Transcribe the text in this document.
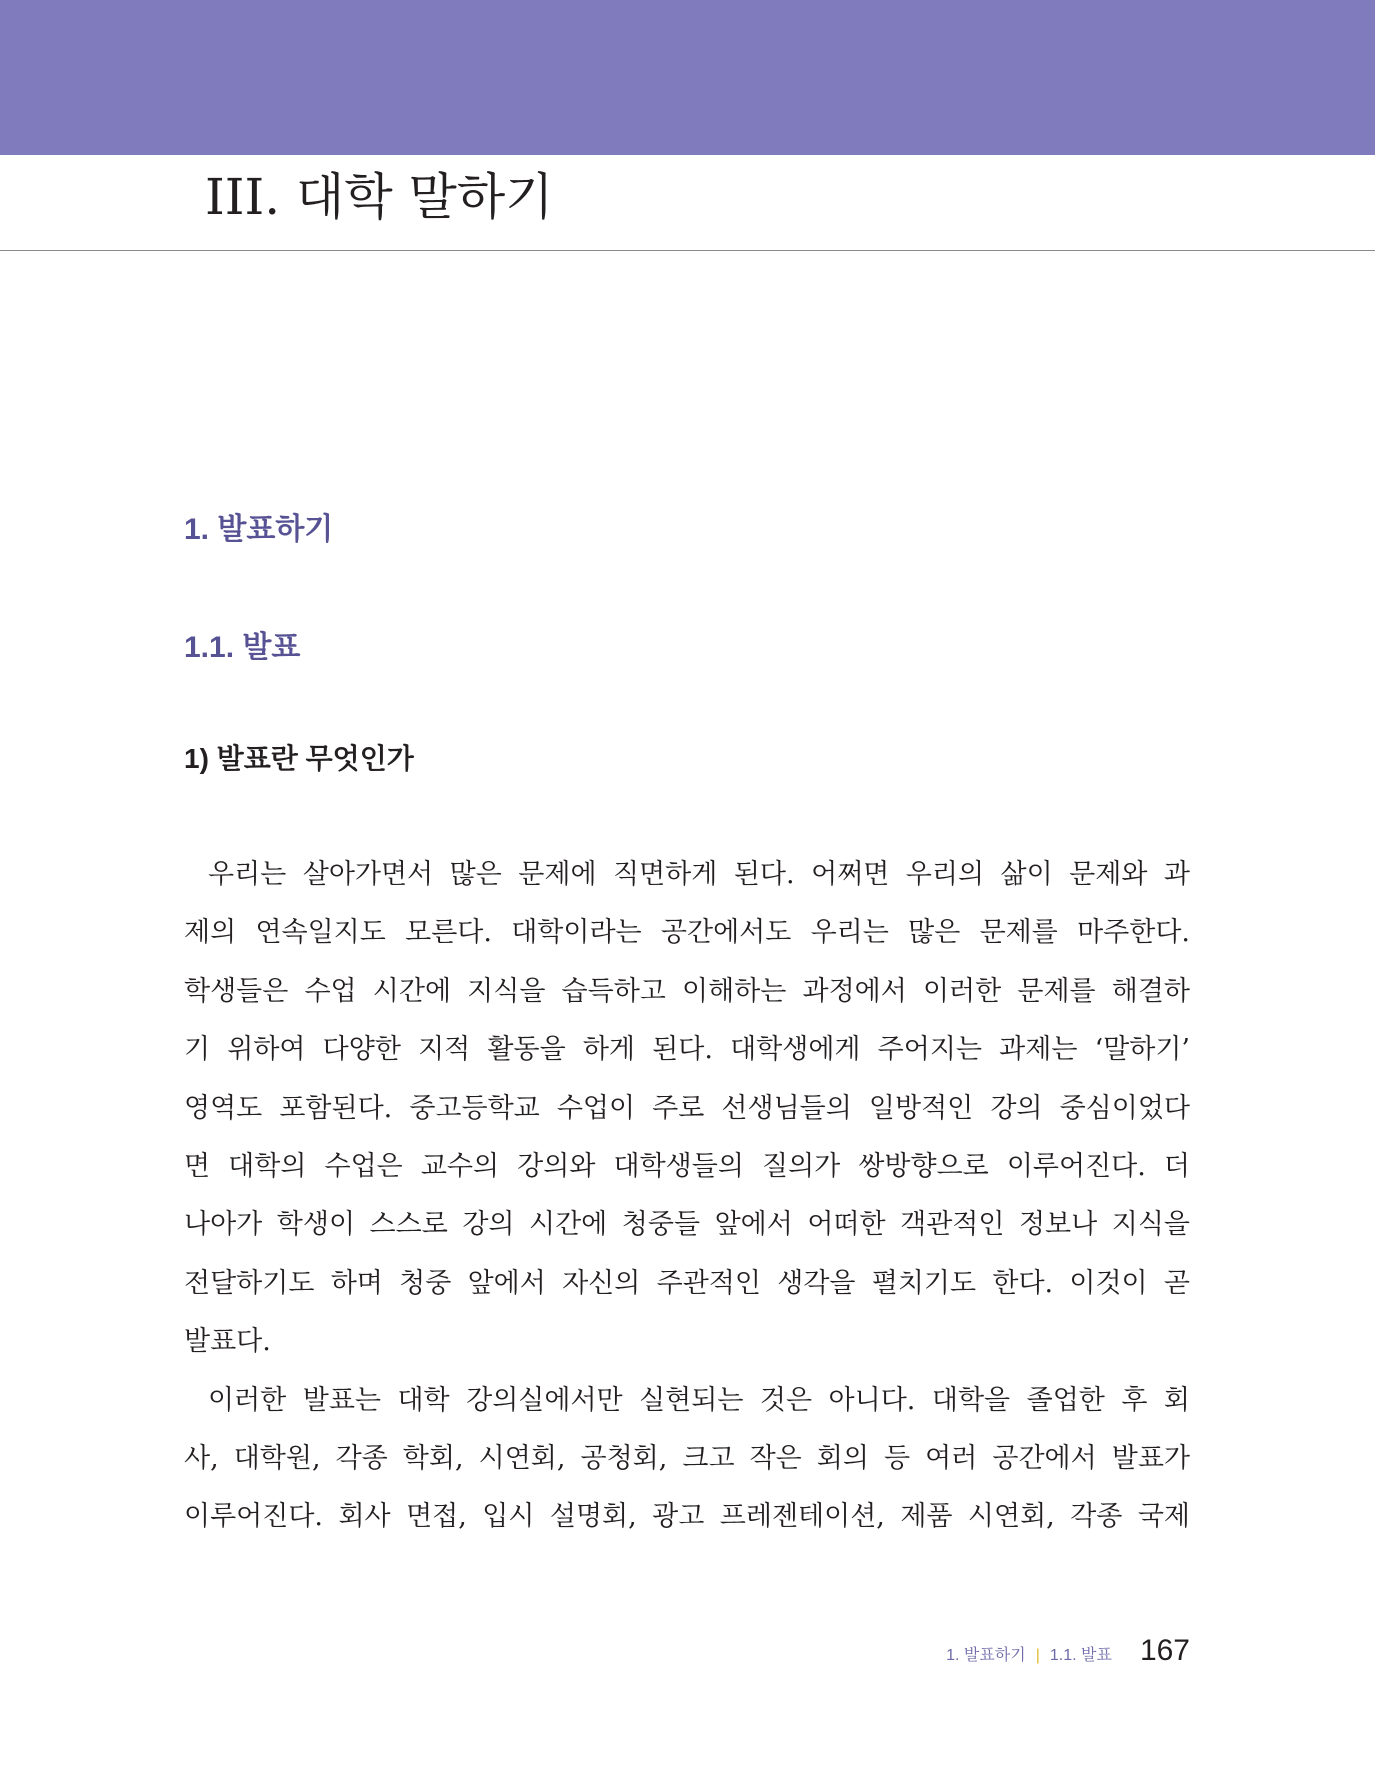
III. 대학 말하기
1. 발표하기
1.1. 발표
1) 발표란 무엇인가
우리는 살아가면서 많은 문제에 직면하게 된다. 어쩌면 우리의 삶이 문제와 과
제의 연속일지도 모른다. 대학이라는 공간에서도 우리는 많은 문제를 마주한다.
학생들은 수업 시간에 지식을 습득하고 이해하는 과정에서 이러한 문제를 해결하
기 위하여 다양한 지적 활동을 하게 된다. 대학생에게 주어지는 과제는 ‘말하기’
영역도 포함된다. 중고등학교 수업이 주로 선생님들의 일방적인 강의 중심이었다
면 대학의 수업은 교수의 강의와 대학생들의 질의가 쌍방향으로 이루어진다. 더
나아가 학생이 스스로 강의 시간에 청중들 앞에서 어떠한 객관적인 정보나 지식을
전달하기도 하며 청중 앞에서 자신의 주관적인 생각을 펼치기도 한다. 이것이 곧
발표다.
이러한 발표는 대학 강의실에서만 실현되는 것은 아니다. 대학을 졸업한 후 회
사, 대학원, 각종 학회, 시연회, 공청회, 크고 작은 회의 등 여러 공간에서 발표가
이루어진다. 회사 면접, 입시 설명회, 광고 프레젠테이션, 제품 시연회, 각종 국제
1. 발표하기 | 1.1. 발표 167
